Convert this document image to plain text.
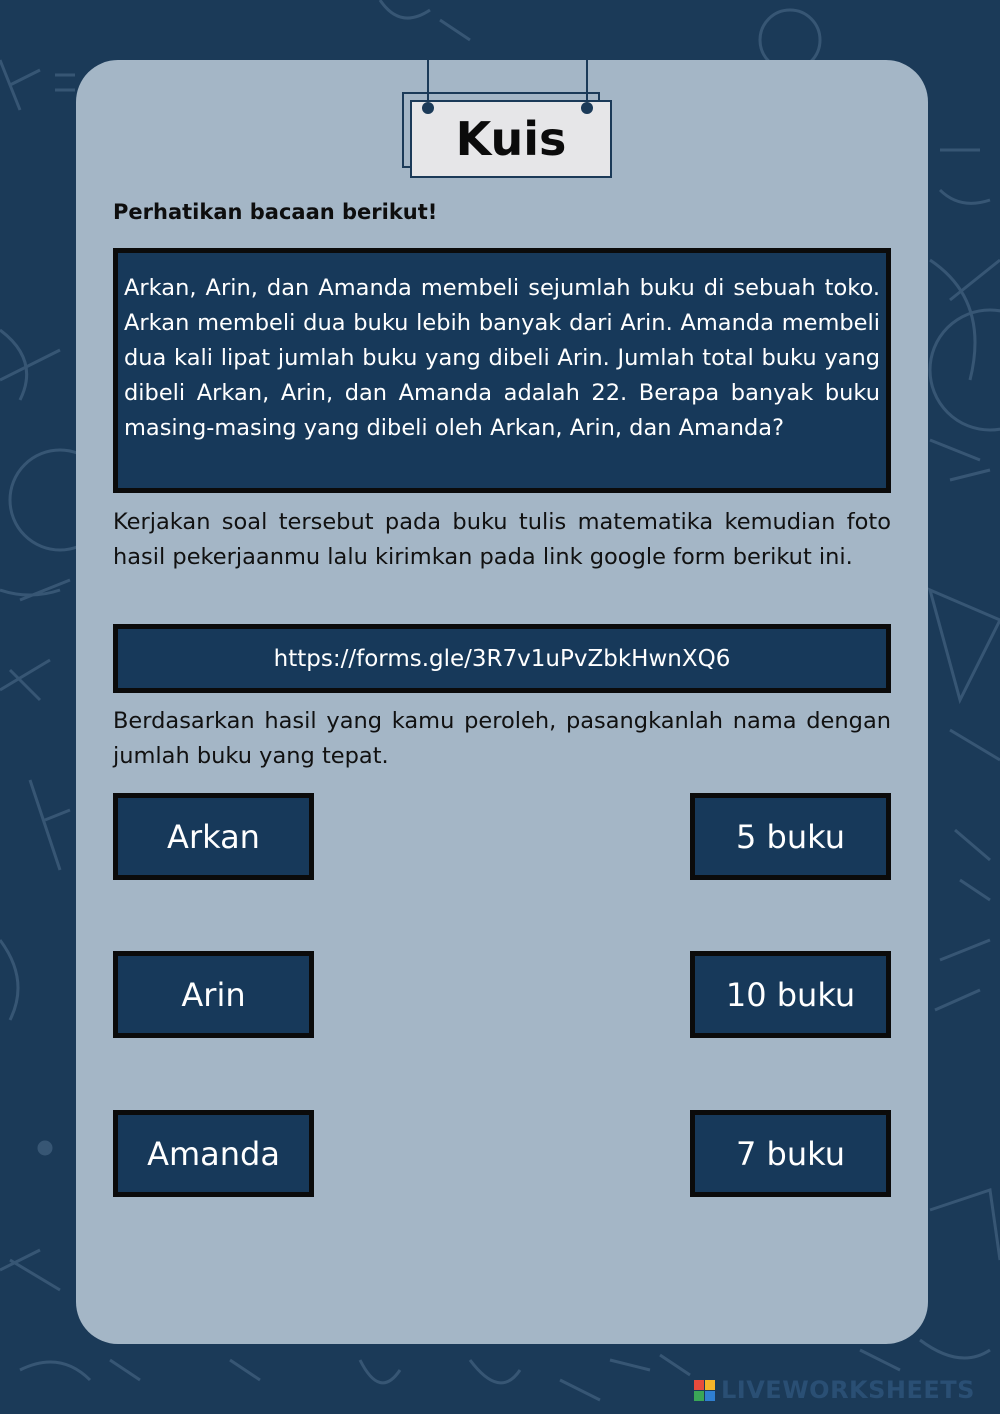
Kuis
Perhatikan bacaan berikut!

Arkan, Arin, dan Amanda membeli sejumlah buku di sebuah toko. Arkan membeli dua buku lebih banyak dari Arin. Amanda membeli dua kali lipat jumlah buku yang dibeli Arin. Jumlah total buku yang dibeli Arkan, Arin, dan Amanda adalah 22. Berapa banyak buku masing-masing yang dibeli oleh Arkan, Arin, dan Amanda?

Kerjakan soal tersebut pada buku tulis matematika kemudian foto hasil pekerjaanmu lalu kirimkan pada link google form berikut ini.

https://forms.gle/3R7v1uPvZbkHwnXQ6

Berdasarkan hasil yang kamu peroleh, pasangkanlah nama dengan jumlah buku yang tepat.

Arkan
Arin
Amanda
5 buku
10 buku
7 buku
LIVEWORKSHEETS
